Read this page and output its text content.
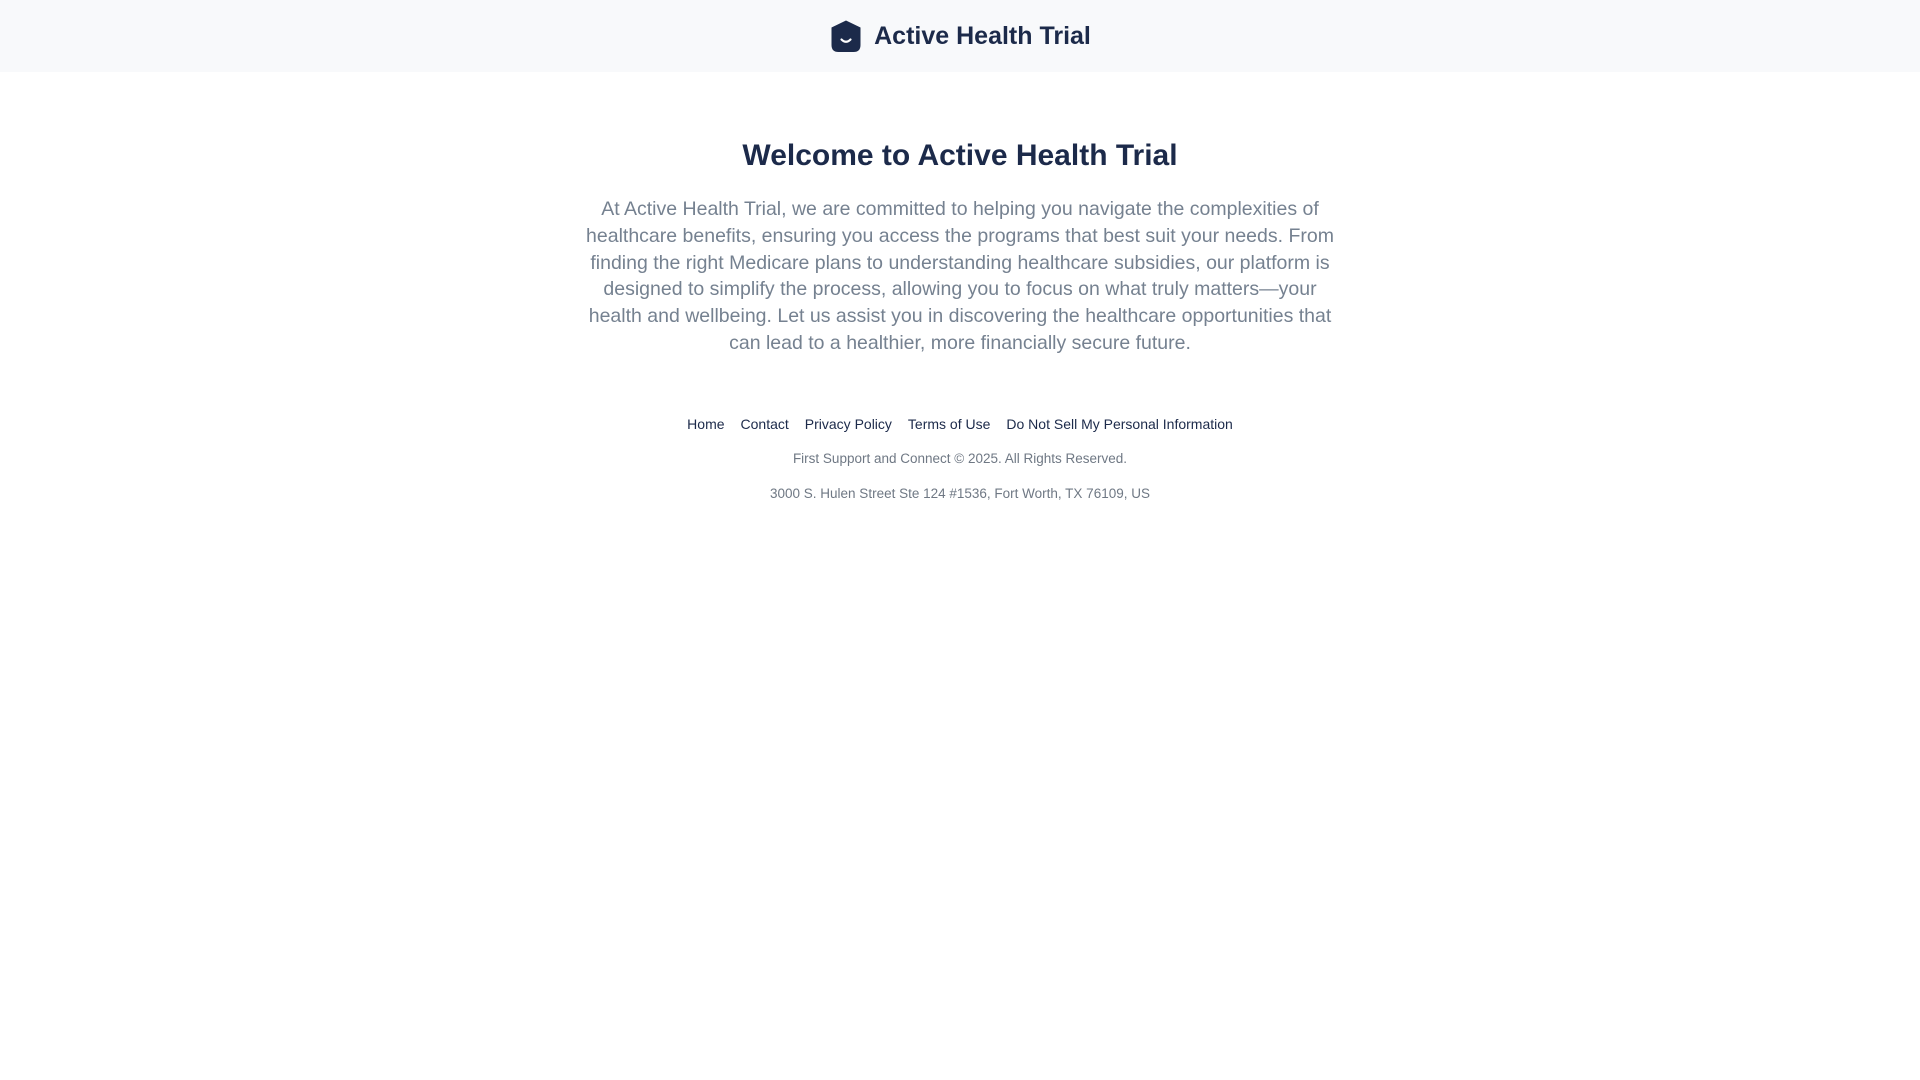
Active Health Trial
Welcome to Active Health Trial

At Active Health Trial, we are committed to helping you navigate the complexities of healthcare benefits, ensuring you access the programs that best suit your needs. From finding the right Medicare plans to understanding healthcare subsidies, our platform is designed to simplify the process, allowing you to focus on what truly matters—your health and wellbeing. Let us assist you in discovering the healthcare opportunities that can lead to a healthier, more financially secure future.

Home Contact Privacy Policy Terms of Use Do Not Sell My Personal Information
First Support and Connect © 2025. All Rights Reserved.
3000 S. Hulen Street Ste 124 #1536, Fort Worth, TX 76109, US
